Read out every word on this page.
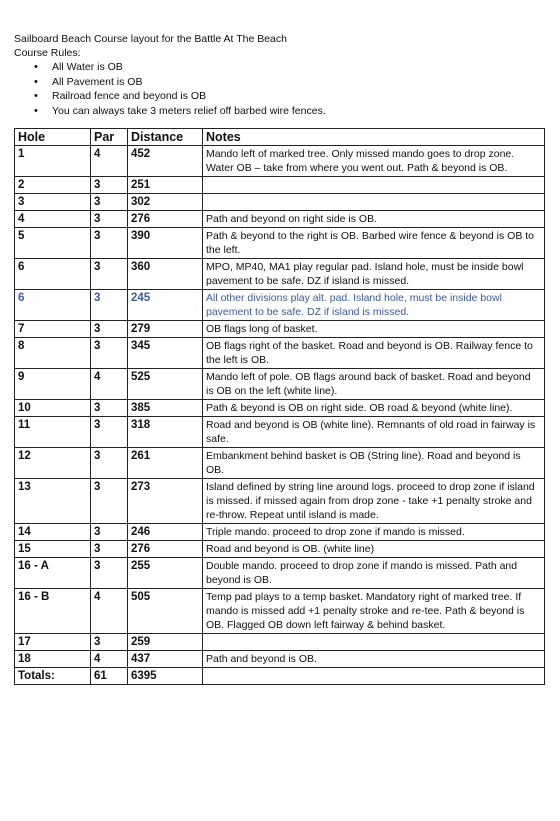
Sailboard Beach Course layout for the Battle At The Beach
Course Rules:
• All Water is OB
• All Pavement is OB
• Railroad fence and beyond is OB
• You can always take 3 meters relief off barbed wire fences.
Hole	Par	Distance	Notes
1	4	452	Mando left of marked tree. Only missed mando goes to drop zone. Water OB – take from where you went out. Path & beyond is OB.
2	3	251	
3	3	302	
4	3	276	Path and beyond on right side is OB.
5	3	390	Path & beyond to the right is OB. Barbed wire fence & beyond is OB to the left.
6	3	360	MPO, MP40, MA1 play regular pad. Island hole, must be inside bowl pavement to be safe. DZ if island is missed.
6	3	245	All other divisions play alt. pad. Island hole, must be inside bowl pavement to be safe. DZ if island is missed.
7	3	279	OB flags long of basket.
8	3	345	OB flags right of the basket. Road and beyond is OB. Railway fence to the left is OB.
9	4	525	Mando left of pole. OB flags around back of basket. Road and beyond is OB on the left (white line).
10	3	385	Path & beyond is OB on right side. OB road & beyond (white line).
11	3	318	Road and beyond is OB (white line). Remnants of old road in fairway is safe.
12	3	261	Embankment behind basket is OB (String line). Road and beyond is OB.
13	3	273	Island defined by string line around logs. proceed to drop zone if island is missed. if missed again from drop zone - take +1 penalty stroke and re-throw. Repeat until island is made.
14	3	246	Triple mando. proceed to drop zone if mando is missed.
15	3	276	Road and beyond is OB. (white line)
16 - A	3	255	Double mando. proceed to drop zone if mando is missed. Path and beyond is OB.
16 - B	4	505	Temp pad plays to a temp basket. Mandatory right of marked tree. If mando is missed add +1 penalty stroke and re-tee. Path & beyond is OB. Flagged OB down left fairway & behind basket.
17	3	259	
18	4	437	Path and beyond is OB.
Totals:	61	6395	
